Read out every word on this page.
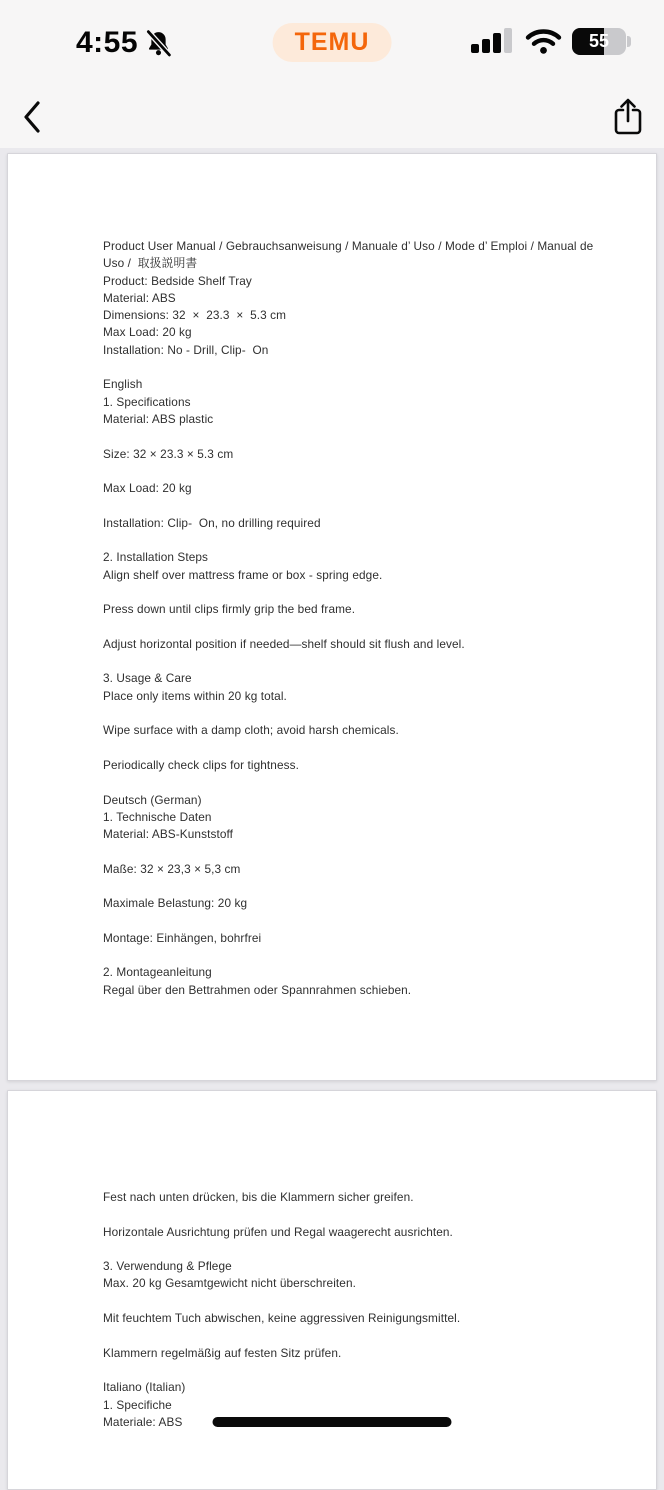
4:55	TEMU	55
Product User Manual / Gebrauchsanweisung / Manuale d’ Uso / Mode d’ Emploi / Manual de
Uso /  取扱説明書
Product: Bedside Shelf Tray
Material: ABS
Dimensions: 32  ×  23.3  ×  5.3 cm
Max Load: 20 kg
Installation: No - Drill, Clip-  On
English
1. Specifications
Material: ABS plastic
Size: 32 × 23.3 × 5.3 cm
Max Load: 20 kg
Installation: Clip-  On, no drilling required
2. Installation Steps
Align shelf over mattress frame or box - spring edge.
Press down until clips firmly grip the bed frame.
Adjust horizontal position if needed—shelf should sit flush and level.
3. Usage & Care
Place only items within 20 kg total.
Wipe surface with a damp cloth; avoid harsh chemicals.
Periodically check clips for tightness.
Deutsch (German)
1. Technische Daten
Material: ABS-Kunststoff
Maße: 32 × 23,3 × 5,3 cm
Maximale Belastung: 20 kg
Montage: Einhängen, bohrfrei
2. Montageanleitung
Regal über den Bettrahmen oder Spannrahmen schieben.
Fest nach unten drücken, bis die Klammern sicher greifen.
Horizontale Ausrichtung prüfen und Regal waagerecht ausrichten.
3. Verwendung & Pflege
Max. 20 kg Gesamtgewicht nicht überschreiten.
Mit feuchtem Tuch abwischen, keine aggressiven Reinigungsmittel.
Klammern regelmäßig auf festen Sitz prüfen.
Italiano (Italian)
1. Specifiche
Materiale: ABS
